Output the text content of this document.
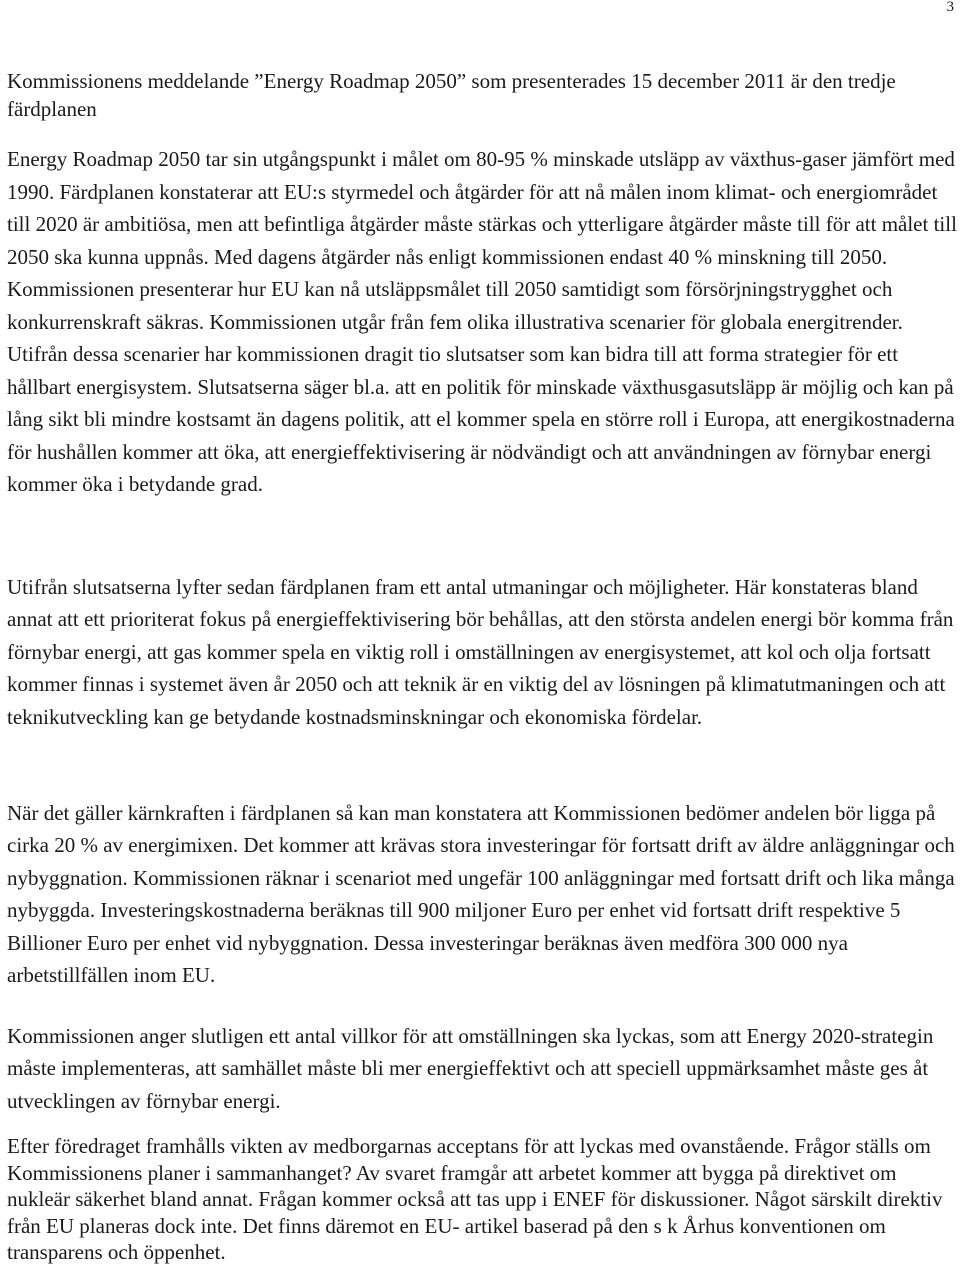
3

Kommissionens meddelande ”Energy Roadmap 2050” som presenterades 15 december 2011 är den tredje färdplanen

Energy Roadmap 2050 tar sin utgångspunkt i målet om 80-95 % minskade utsläpp av växthus-gaser jämfört med 1990. Färdplanen konstaterar att EU:s styrmedel och åtgärder för att nå målen inom klimat- och energiområdet till 2020 är ambitiösa, men att befintliga åtgärder måste stärkas och ytterligare åtgärder måste till för att målet till 2050 ska kunna uppnås. Med dagens åtgärder nås enligt kommissionen endast 40 % minskning till 2050. Kommissionen presenterar hur EU kan nå utsläppsmålet till 2050 samtidigt som försörjningstrygghet och konkurrenskraft säkras. Kommissionen utgår från fem olika illustrativa scenarier för globala energitrender. Utifrån dessa scenarier har kommissionen dragit tio slutsatser som kan bidra till att forma strategier för ett hållbart energisystem. Slutsatserna säger bl.a. att en politik för minskade växthusgasutsläpp är möjlig och kan på lång sikt bli mindre kostsamt än dagens politik, att el kommer spela en större roll i Europa, att energikostnaderna för hushållen kommer att öka, att energieffektivisering är nödvändigt och att användningen av förnybar energi kommer öka i betydande grad.

Utifrån slutsatserna lyfter sedan färdplanen fram ett antal utmaningar och möjligheter. Här konstateras bland annat att ett prioriterat fokus på energieffektivisering bör behållas, att den största andelen energi bör komma från förnybar energi, att gas kommer spela en viktig roll i omställningen av energisystemet, att kol och olja fortsatt kommer finnas i systemet även år 2050 och att teknik är en viktig del av lösningen på klimatutmaningen och att teknikutveckling kan ge betydande kostnadsminskningar och ekonomiska fördelar.

När det gäller kärnkraften i färdplanen så kan man konstatera att Kommissionen bedömer andelen bör ligga på cirka 20 % av energimixen. Det kommer att krävas stora investeringar för fortsatt drift av äldre anläggningar och nybyggnation. Kommissionen räknar i scenariot med ungefär 100 anläggningar med fortsatt drift och lika många nybyggda. Investeringskostnaderna beräknas till 900 miljoner Euro per enhet vid fortsatt drift respektive 5 Billioner Euro per enhet vid nybyggnation. Dessa investeringar beräknas även medföra 300 000 nya arbetstillfällen inom EU.

Kommissionen anger slutligen ett antal villkor för att omställningen ska lyckas, som att Energy 2020-strategin måste implementeras, att samhället måste bli mer energieffektivt och att speciell uppmärksamhet måste ges åt utvecklingen av förnybar energi.

Efter föredraget framhålls vikten av medborgarnas acceptans för att lyckas med ovanstående. Frågor ställs om Kommissionens planer i sammanhanget? Av svaret framgår att arbetet kommer att bygga på direktivet om nukleär säkerhet bland annat. Frågan kommer också att tas upp i ENEF för diskussioner. Något särskilt direktiv från EU planeras dock inte. Det finns däremot en EU- artikel baserad på den s k Århus konventionen om transparens och öppenhet.
